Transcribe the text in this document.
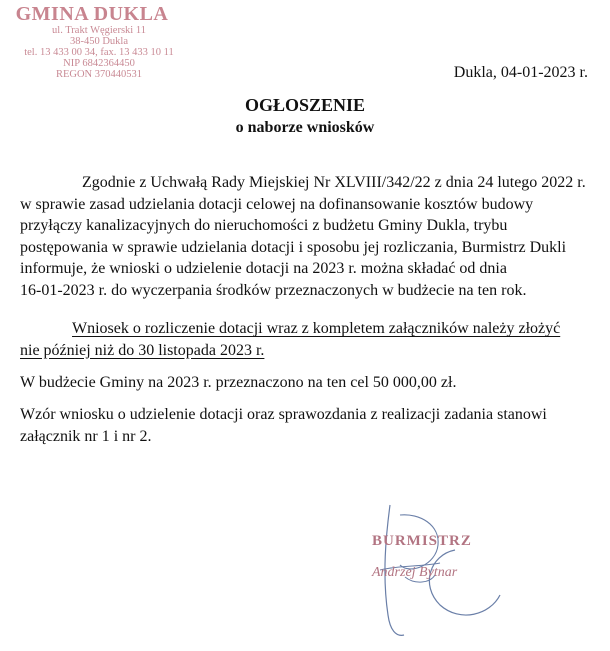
GMINA DUKLA
ul. Trakt Węgierski 11
38-450 Dukla
tel. 13 433 00 34, fax. 13 433 10 11
NIP 6842364450
REGON 370440531	Dukla, 04-01-2023 r.
OGŁOSZENIE
o naborze wniosków
Zgodnie z Uchwałą Rady Miejskiej Nr XLVIII/342/22 z dnia 24 lutego 2022 r.
w sprawie zasad udzielania dotacji celowej na dofinansowanie kosztów budowy
przyłączy kanalizacyjnych do nieruchomości z budżetu Gminy Dukla, trybu
postępowania w sprawie udzielania dotacji i sposobu jej rozliczania, Burmistrz Dukli
informuje, że wnioski o udzielenie dotacji na 2023 r. można składać od dnia
16-01-2023 r. do wyczerpania środków przeznaczonych w budżecie na ten rok.
Wniosek o rozliczenie dotacji wraz z kompletem załączników należy złożyć
nie później niż do 30 listopada 2023 r.
W budżecie Gminy na 2023 r. przeznaczono na ten cel 50 000,00 zł.
Wzór wniosku o udzielenie dotacji oraz sprawozdania z realizacji zadania stanowi
załącznik nr 1 i nr 2.
BURMISTRZ
Andrzej Bytnar
